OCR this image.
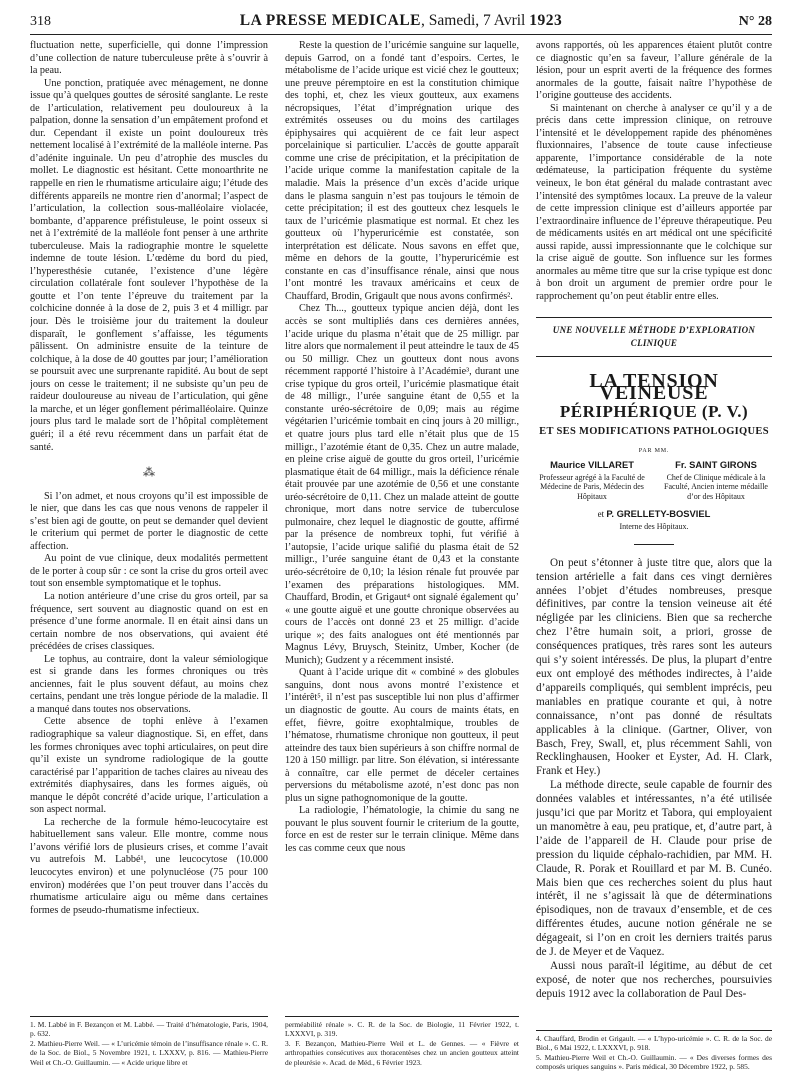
318	LA PRESSE MEDICALE, Samedi, 7 Avril 1923	N° 28

fluctuation nette, superficielle, qui donne l’impression d’une collection de nature tuberculeuse prête à s’ouvrir à la peau.

Une ponction, pratiquée avec ménagement, ne donne issue qu’à quelques gouttes de sérosité sanglante. Le reste de l’articulation, relativement peu douloureux à la palpation, donne la sensation d’un empâtement profond et dur. Cependant il existe un point douloureux très nettement localisé à l’extrémité de la malléole interne. Pas d’adénite inguinale. Un peu d’atrophie des muscles du mollet. Le diagnostic est hésitant. Cette monoarthrite ne rappelle en rien le rhumatisme articulaire aigu; l’étude des différents appareils ne montre rien d’anormal; l’aspect de l’articulation, la collection sous-malléolaire violacée, bombante, d’apparence préfistuleuse, le point osseux si net à l’extrémité de la malléole font penser à une arthrite tuberculeuse. Mais la radiographie montre le squelette indemne de toute lésion. L’œdème du bord du pied, l’hyperesthésie cutanée, l’existence d’une légère circulation collatérale font soulever l’hypothèse de la goutte et l’on tente l’épreuve du traitement par la colchicine donnée à la dose de 2, puis 3 et 4 milligr. par jour. Dès le troisième jour du traitement la douleur disparaît, le gonflement s’affaisse, les téguments pâlissent. On administre ensuite de la teinture de colchique, à la dose de 40 gouttes par jour; l’amélioration se poursuit avec une surprenante rapidité. Au bout de sept jours on cesse le traitement; il ne subsiste qu’un peu de raideur douloureuse au niveau de l’articulation, qui gêne la marche, et un léger gonflement périmalléolaire. Quinze jours plus tard le malade sort de l’hôpital complètement guéri; il a été revu récemment dans un parfait état de santé.

⁂

Si l’on admet, et nous croyons qu’il est impossible de le nier, que dans les cas que nous venons de rappeler il s’est bien agi de goutte, on peut se demander quel devient le criterium qui permet de porter le diagnostic de cette affection.

Au point de vue clinique, deux modalités permettent de le porter à coup sûr : ce sont la crise du gros orteil avec tout son ensemble symptomatique et le tophus.

La notion antérieure d’une crise du gros orteil, par sa fréquence, sert souvent au diagnostic quand on est en présence d’une forme anormale. Il en était ainsi dans un certain nombre de nos observations, qui avaient été précédées de crises classiques.

Le tophus, au contraire, dont la valeur sémiologique est si grande dans les formes chroniques ou très anciennes, fait le plus souvent défaut, au moins chez certains, pendant une très longue période de la maladie. Il a manqué dans toutes nos observations.

Cette absence de tophi enlève à l’examen radiographique sa valeur diagnostique. Si, en effet, dans les formes chroniques avec tophi articulaires, on peut dire qu’il existe un syndrome radiologique de la goutte caractérisé par l’apparition de taches claires au niveau des extrémités diaphysaires, dans les formes aiguës, où manque le dépôt concrété d’acide urique, l’articulation a son aspect normal.

La recherche de la formule hémo-leucocytaire est habituellement sans valeur. Elle montre, comme nous l’avons vérifié lors de plusieurs crises, et comme l’avait vu autrefois M. Labbé¹, une leucocytose (10.000 leucocytes environ) et une polynucléose (75 pour 100 environ) modérées que l’on peut trouver dans l’accès du rhumatisme articulaire aigu ou même dans certaines formes de pseudo-rhumatisme infectieux.

Reste la question de l’uricémie sanguine sur laquelle, depuis Garrod, on a fondé tant d’espoirs. Certes, le métabolisme de l’acide urique est vicié chez le goutteux; une preuve péremptoire en est la constitution chimique des tophi, et, chez les vieux goutteux, aux examens nécropsiques, l’état d’imprégnation urique des extrémités osseuses ou du moins des cartilages épiphysaires qui acquièrent de ce fait leur aspect porcelainique si particulier. L’accès de goutte apparaît comme une crise de précipitation, et la précipitation de l’acide urique comme la manifestation capitale de la maladie. Mais la présence d’un excès d’acide urique dans le plasma sanguin n’est pas toujours le témoin de cette précipitation; il est des goutteux chez lesquels le taux de l’uricémie plasmatique est normal. Et chez les goutteux où l’hyperuricémie est constatée, son interprétation est délicate. Nous savons en effet que, même en dehors de la goutte, l’hyperuricémie est constante en cas d’insuffisance rénale, ainsi que nous l’ont montré les travaux américains et ceux de Chauffard, Brodin, Grigault que nous avons confirmés².

Chez Th..., goutteux typique ancien déjà, dont les accès se sont multipliés dans ces dernières années, l’acide urique du plasma n’était que de 25 milligr. par litre alors que normalement il peut atteindre le taux de 45 ou 50 milligr. Chez un goutteux dont nous avons récemment rapporté l’histoire à l’Académie³, durant une crise typique du gros orteil, l’uricémie plasmatique était de 48 milligr., l’urée sanguine étant de 0,55 et la constante uréo-sécrétoire de 0,09; mais au régime végétarien l’uricémie tombait en cinq jours à 20 milligr., et quatre jours plus tard elle n’était plus que de 15 milligr., l’azotémie étant de 0,35. Chez un autre malade, en pleine crise aiguë de goutte du gros orteil, l’uricémie plasmatique était de 64 milligr., mais la déficience rénale était prouvée par une azotémie de 0,56 et une constante uréo-sécrétoire de 0,11. Chez un malade atteint de goutte chronique, mort dans notre service de tuberculose pulmonaire, chez lequel le diagnostic de goutte, affirmé par la présence de nombreux tophi, fut vérifié à l’autopsie, l’acide urique salifié du plasma était de 52 milligr., l’urée sanguine étant de 0,43 et la constante uréo-sécrétoire de 0,10; la lésion rénale fut prouvée par l’examen des préparations histologiques. MM. Chauffard, Brodin, et Grigaut⁴ ont signalé également qu’ « une goutte aiguë et une goutte chronique observées au cours de l’accès ont donné 23 et 25 milligr. d’acide urique »; des faits analogues ont été mentionnés par Magnus Lévy, Bruysch, Steinitz, Umber, Kocher (de Munich); Gudzent y a récemment insisté.

Quant à l’acide urique dit « combiné » des globules sanguins, dont nous avons montré l’existence et l’intérêt⁵, il n’est pas susceptible lui non plus d’affirmer un diagnostic de goutte. Au cours de maints états, en effet, fièvre, goitre exophtalmique, troubles de l’hématose, rhumatisme chronique non goutteux, il peut atteindre des taux bien supérieurs à son chiffre normal de 120 à 150 milligr. par litre. Son élévation, si intéressante à connaître, car elle permet de déceler certaines perversions du métabolisme azoté, n’est donc pas non plus un signe pathognomonique de la goutte.

La radiologie, l’hématologie, la chimie du sang ne pouvant le plus souvent fournir le criterium de la goutte, force en est de rester sur le terrain clinique. Même dans les cas comme ceux que nous

avons rapportés, où les apparences étaient plutôt contre ce diagnostic qu’en sa faveur, l’allure générale de la lésion, pour un esprit averti de la fréquence des formes anormales de la goutte, faisait naître l’hypothèse de l’origine goutteuse des accidents.

Si maintenant on cherche à analyser ce qu’il y a de précis dans cette impression clinique, on retrouve l’intensité et le développement rapide des phénomènes fluxionnaires, l’absence de toute cause infectieuse apparente, l’importance considérable de la note œdémateuse, la participation fréquente du système veineux, le bon état général du malade contrastant avec l’intensité des symptômes locaux. La preuve de la valeur de cette impression clinique est d’ailleurs apportée par l’extraordinaire influence de l’épreuve thérapeutique. Peu de médicaments usités en art médical ont une spécificité aussi rapide, aussi impressionnante que le colchique sur la crise aiguë de goutte. Son influence sur les formes anormales au même titre que sur la crise typique est donc à bon droit un argument de premier ordre pour le rapprochement qu’on peut établir entre elles.

UNE NOUVELLE MÉTHODE D’EXPLORATION CLINIQUE
LA TENSION VEINEUSE
PÉRIPHÉRIQUE (P. V.)
ET SES MODIFICATIONS PATHOLOGIQUES
PAR MM.
Maurice VILLARET
Professeur agrégé à la Faculté de Médecine de Paris, Médecin des Hôpitaux
Fr. SAINT GIRONS
Chef de Clinique médicale à la Faculté, Ancien interne médaille d’or des Hôpitaux
et P. GRELLETY-BOSVIEL
Interne des Hôpitaux.

On peut s’étonner à juste titre que, alors que la tension artérielle a fait dans ces vingt dernières années l’objet d’études nombreuses, presque définitives, par contre la tension veineuse ait été négligée par les cliniciens. Bien que sa recherche chez l’être humain soit, a priori, grosse de conséquences pratiques, très rares sont les auteurs qui s’y soient intéressés. De plus, la plupart d’entre eux ont employé des méthodes indirectes, à l’aide d’appareils compliqués, qui semblent imprécis, peu maniables en pratique courante et qui, à notre connaissance, n’ont pas donné de résultats applicables à la clinique. (Gartner, Oliver, von Basch, Frey, Swall, et, plus récemment Sahli, von Recklinghausen, Hooker et Eyster, Ad. H. Clark, Frank et Hey.)

La méthode directe, seule capable de fournir des données valables et intéressantes, n’a été utilisée jusqu’ici que par Moritz et Tabora, qui employaient un manomètre à eau, peu pratique, et, d’autre part, à l’aide de l’appareil de H. Claude pour prise de pression du liquide céphalo-rachidien, par MM. H. Claude, R. Porak et Rouillard et par M. B. Cunéo. Mais bien que ces recherches soient du plus haut intérêt, il ne s’agissait là que de déterminations épisodiques, non de travaux d’ensemble, et de ces différentes études, aucune notion générale ne se dégageait, si l’on en croit les derniers traités parus de J. de Meyer et de Vaquez.

Aussi nous paraît-il légitime, au début de cet exposé, de noter que nos recherches, poursuivies depuis 1912 avec la collaboration de Paul Des-

1. M. Labbé in F. Bezançon et M. Labbé. — Traité d’hématologie, Paris, 1904, p. 632.

2. Mathieu-Pierre Weil. — « L’uricémie témoin de l’insuffisance rénale ». C. R. de la Soc. de Biol., 5 Novembre 1921, t. LXXXV, p. 816. — Mathieu-Pierre Weil et Ch.-O. Guillaumin. — « Acide urique libre et

perméabilité rénale ». C. R. de la Soc. de Biologie, 11 Février 1922, t. LXXXVI, p. 319.

3. F. Bezançon, Mathieu-Pierre Weil et L. de Gennes. — « Fièvre et arthropathies consécutives aux thoracentèses chez un ancien goutteux atteint de pleurésie ». Acad. de Méd., 6 Février 1923.

4. Chauffard, Brodin et Grigault. — « L’hypo-uricémie ». C. R. de la Soc. de Biol., 6 Mai 1922, t. LXXXVI, p. 918.

5. Mathieu-Pierre Weil et Ch.-O. Guillaumin. — « Des diverses formes des composés uriques sanguins ». Paris médical, 30 Décembre 1922, p. 585.
